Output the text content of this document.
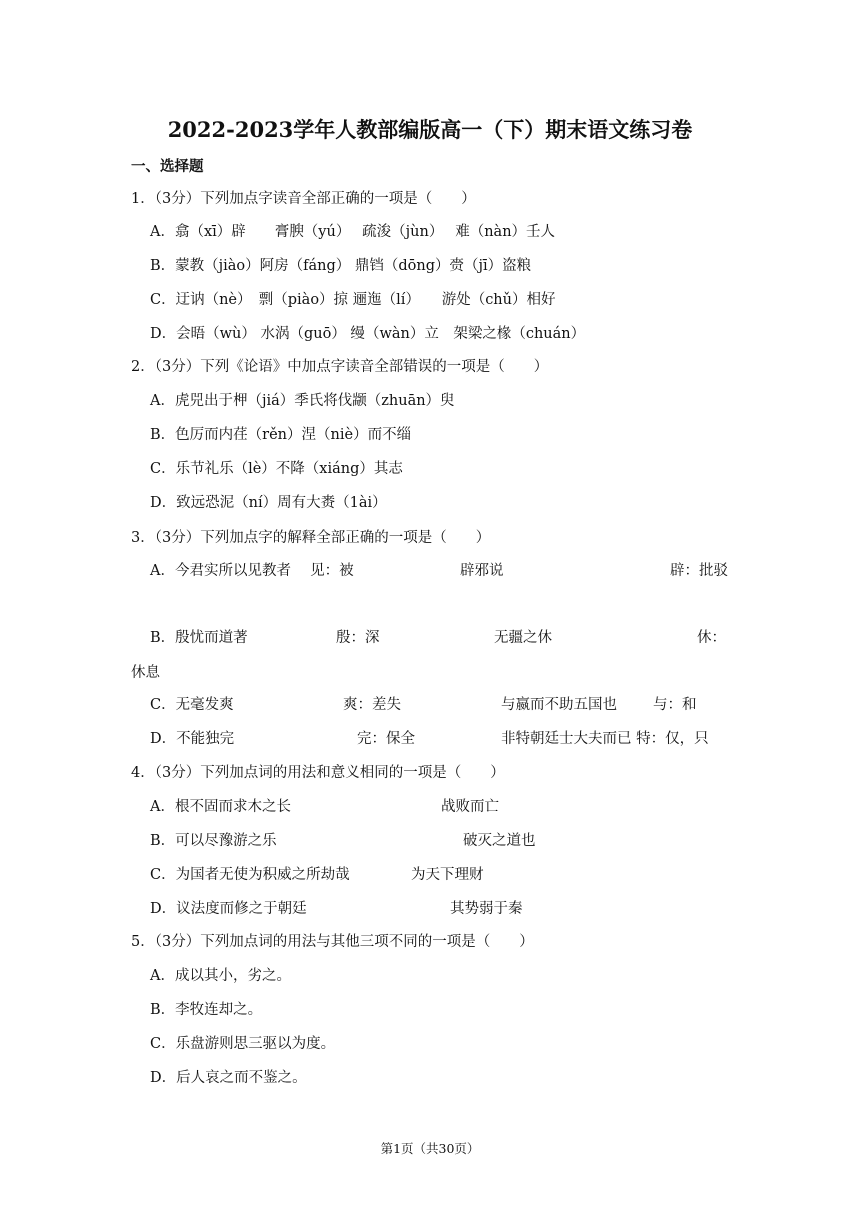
2022-2023学年人教部编版高一（下）期末语文练习卷
一、选择题
1．（3分）下列加点字读音全部正确的一项是（　　）
A．翕（xī）辟　　膏腴（yú）　 疏浚（jùn）　 难（nàn）壬人
B．蒙教（jiào）阿房（fáng） 鼎铛（dōng）赍（jī）盗粮
C．迂讷（nè）　剽（piào）掠 逦迤（lí）　　游处（chǔ）相好
D．会晤（wù） 水涡（guō） 缦（wàn）立　架梁之椽（chuán）
2．（3分）下列《论语》中加点字读音全部错误的一项是（　　）
A．虎兕出于柙（jiá）季氏将伐颛（zhuān）臾
B．色厉而内荏（rěn）涅（niè）而不缁
C．乐节礼乐（lè）不降（xiáng）其志
D．致远恐泥（ní）周有大赉（1ài）
3．（3分）下列加点字的解释全部正确的一项是（　　）
A．今君实所以见教者　 见：被	辟邪说	辟：批驳
B．殷忧而道著	殷：深	无疆之休	休：
休息
C．无毫发爽	爽：差失	与嬴而不助五国也 与：和
D．不能独完	完：保全	非特朝廷士大夫而已 特：仅，只
4．（3分）下列加点词的用法和意义相同的一项是（　　）
A．根不固而求木之长	战败而亡
B．可以尽豫游之乐	破灭之道也
C．为国者无使为积威之所劫哉	为天下理财
D．议法度而修之于朝廷	其势弱于秦
5．（3分）下列加点词的用法与其他三项不同的一项是（　　）
A．成以其小，劣之。
B．李牧连却之。
C．乐盘游则思三驱以为度。
D．后人哀之而不鉴之。
第1页（共30页）
